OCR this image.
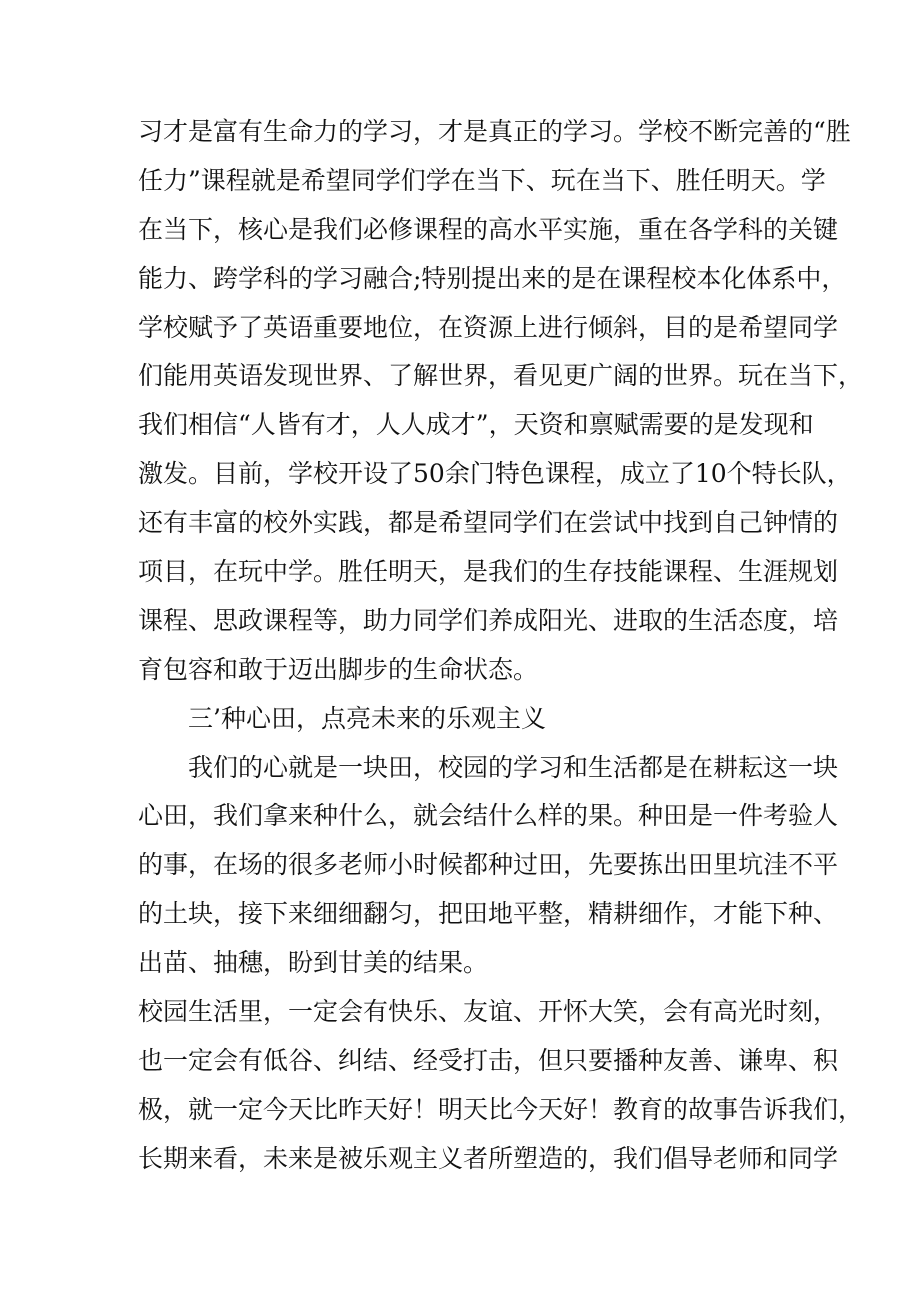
习才是富有生命力的学习，才是真正的学习。学校不断完善的“胜
任力”课程就是希望同学们学在当下、玩在当下、胜任明天。学
在当下，核心是我们必修课程的高水平实施，重在各学科的关键
能力、跨学科的学习融合;特别提出来的是在课程校本化体系中，
学校赋予了英语重要地位，在资源上进行倾斜，目的是希望同学
们能用英语发现世界、了解世界，看见更广阔的世界。玩在当下，
我们相信“人皆有才，人人成才”，天资和禀赋需要的是发现和
激发。目前，学校开设了50余门特色课程，成立了10个特长队，
还有丰富的校外实践，都是希望同学们在尝试中找到自己钟情的
项目，在玩中学。胜任明天，是我们的生存技能课程、生涯规划
课程、思政课程等，助力同学们养成阳光、进取的生活态度，培
育包容和敢于迈出脚步的生命状态。
三’种心田，点亮未来的乐观主义
我们的心就是一块田，校园的学习和生活都是在耕耘这一块
心田，我们拿来种什么，就会结什么样的果。种田是一件考验人
的事，在场的很多老师小时候都种过田，先要拣出田里坑洼不平
的土块，接下来细细翻匀，把田地平整，精耕细作，才能下种、
出苗、抽穗，盼到甘美的结果。
校园生活里，一定会有快乐、友谊、开怀大笑，会有高光时刻，
也一定会有低谷、纠结、经受打击，但只要播种友善、谦卑、积
极，就一定今天比昨天好！明天比今天好！教育的故事告诉我们，
长期来看，未来是被乐观主义者所塑造的，我们倡导老师和同学
